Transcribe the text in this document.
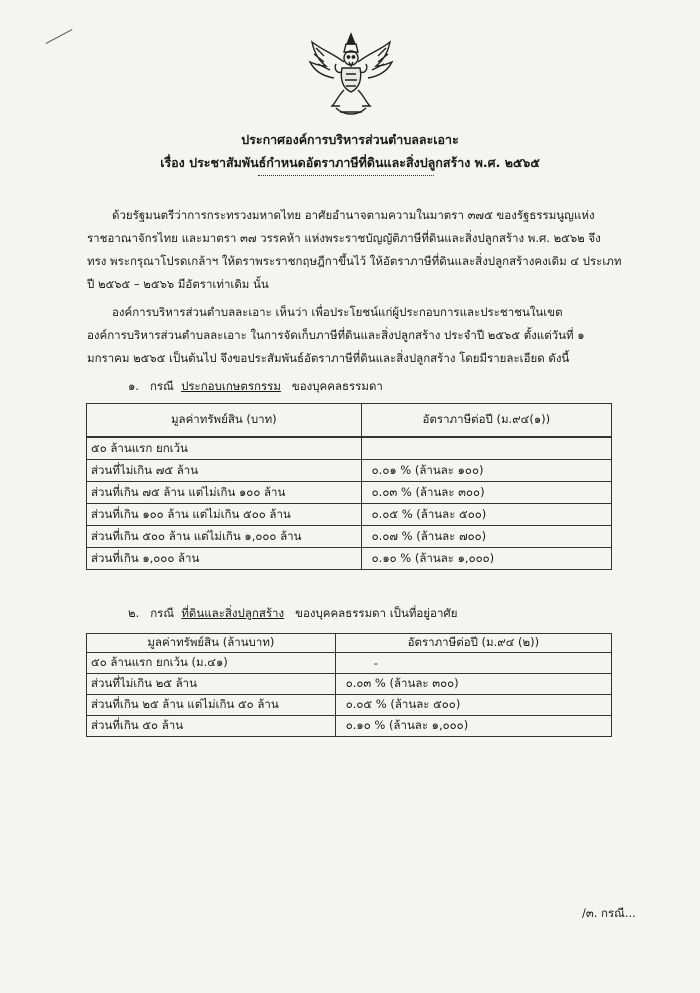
ประกาศองค์การบริหารส่วนตำบลละเอาะ
เรื่อง ประชาสัมพันธ์กำหนดอัตราภาษีที่ดินและสิ่งปลูกสร้าง พ.ศ. ๒๕๖๕
ด้วยรัฐมนตรีว่าการกระทรวงมหาดไทย อาศัยอำนาจตามความในมาตรา ๓๗๕ ของรัฐธรรมนูญแห่ง
ราชอาณาจักรไทย และมาตรา ๓๗ วรรคห้า แห่งพระราชบัญญัติภาษีที่ดินและสิ่งปลูกสร้าง พ.ศ. ๒๕๖๒ จึง
ทรง พระกรุณาโปรดเกล้าฯ ให้ตราพระราชกฤษฎีกาขึ้นไว้ ให้อัตราภาษีที่ดินและสิ่งปลูกสร้างคงเดิม ๔ ประเภท
ปี ๒๕๖๕ – ๒๕๖๖ มีอัตราเท่าเดิม นั้น
องค์การบริหารส่วนตำบลละเอาะ เห็นว่า เพื่อประโยชน์แก่ผู้ประกอบการและประชาชนในเขต
องค์การบริหารส่วนตำบลละเอาะ ในการจัดเก็บภาษีที่ดินและสิ่งปลูกสร้าง ประจำปี ๒๕๖๕ ตั้งแต่วันที่ ๑
มกราคม ๒๕๖๕ เป็นต้นไป จึงขอประสัมพันธ์อัตราภาษีที่ดินและสิ่งปลูกสร้าง โดยมีรายละเอียด ดังนี้
๑. กรณี ประกอบเกษตรกรรม ของบุคคลธรรมดา
มูลค่าทรัพย์สิน (บาท)	อัตราภาษีต่อปี (ม.๙๔(๑))
๕๐ ล้านแรก ยกเว้น	
ส่วนที่ไม่เกิน ๗๕ ล้าน	๐.๐๑ % (ล้านละ ๑๐๐)
ส่วนที่เกิน ๗๕ ล้าน แต่ไม่เกิน ๑๐๐ ล้าน	๐.๐๓ % (ล้านละ ๓๐๐)
ส่วนที่เกิน ๑๐๐ ล้าน แต่ไม่เกิน ๕๐๐ ล้าน	๐.๐๕ % (ล้านละ ๕๐๐)
ส่วนที่เกิน ๕๐๐ ล้าน แต่ไม่เกิน ๑,๐๐๐ ล้าน	๐.๐๗ % (ล้านละ ๗๐๐)
ส่วนที่เกิน ๑,๐๐๐ ล้าน	๐.๑๐ % (ล้านละ ๑,๐๐๐)
๒. กรณี ที่ดินและสิ่งปลูกสร้าง ของบุคคลธรรมดา เป็นที่อยู่อาศัย
มูลค่าทรัพย์สิน (ล้านบาท)	อัตราภาษีต่อปี (ม.๙๔ (๒))
๕๐ ล้านแรก ยกเว้น (ม.๔๑)	-
ส่วนที่ไม่เกิน ๒๕ ล้าน	๐.๐๓ % (ล้านละ ๓๐๐)
ส่วนที่เกิน ๒๕ ล้าน แต่ไม่เกิน ๕๐ ล้าน	๐.๐๕ % (ล้านละ ๕๐๐)
ส่วนที่เกิน ๕๐ ล้าน	๐.๑๐ % (ล้านละ ๑,๐๐๐)
/๓. กรณี...
